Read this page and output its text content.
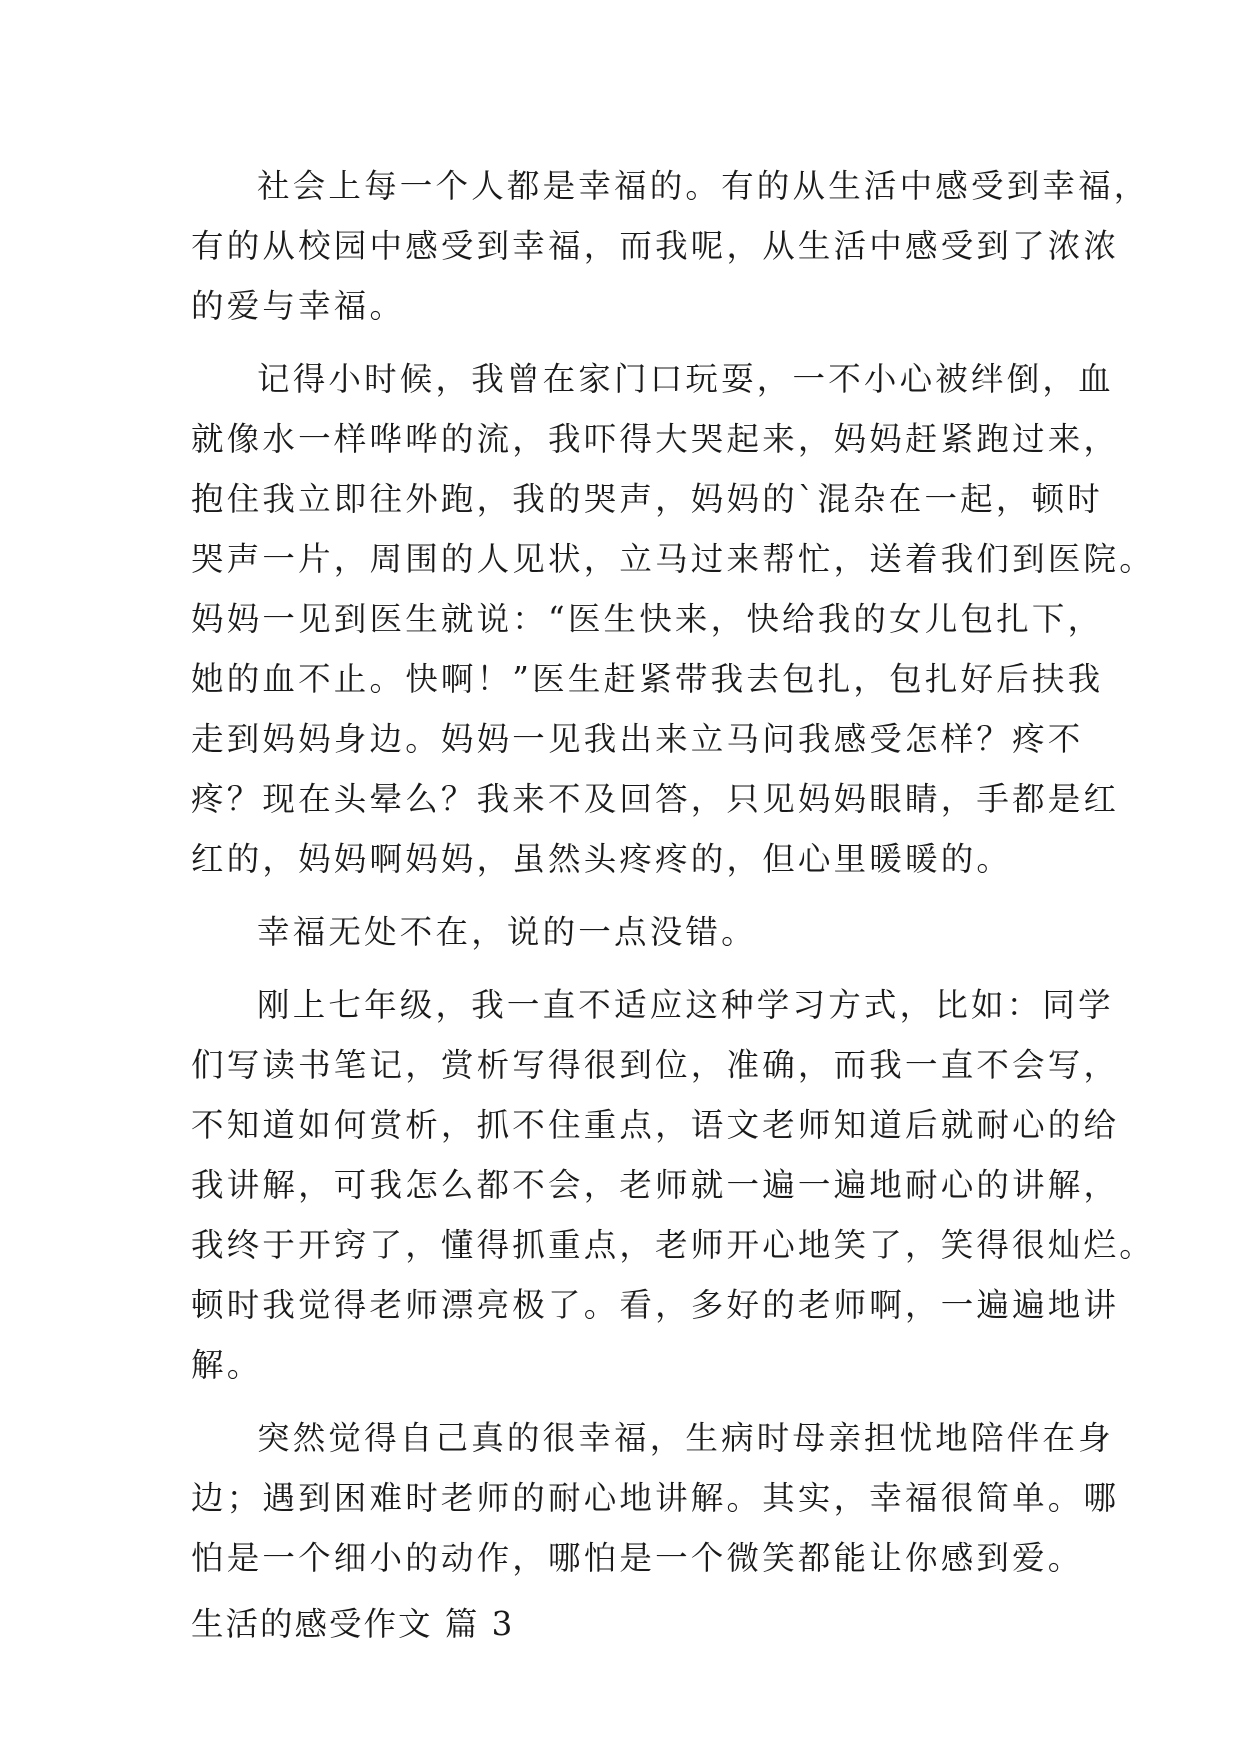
社会上每一个人都是幸福的。有的从生活中感受到幸福，
有的从校园中感受到幸福，而我呢，从生活中感受到了浓浓
的爱与幸福。
记得小时候，我曾在家门口玩耍，一不小心被绊倒，血
就像水一样哗哗的流，我吓得大哭起来，妈妈赶紧跑过来，
抱住我立即往外跑，我的哭声，妈妈的`混杂在一起，顿时
哭声一片，周围的人见状，立马过来帮忙，送着我们到医院。
妈妈一见到医生就说：“医生快来，快给我的女儿包扎下，
她的血不止。快啊！”医生赶紧带我去包扎，包扎好后扶我
走到妈妈身边。妈妈一见我出来立马问我感受怎样？疼不
疼？现在头晕么？我来不及回答，只见妈妈眼睛，手都是红
红的，妈妈啊妈妈，虽然头疼疼的，但心里暖暖的。
幸福无处不在，说的一点没错。
刚上七年级，我一直不适应这种学习方式，比如：同学
们写读书笔记，赏析写得很到位，准确，而我一直不会写，
不知道如何赏析，抓不住重点，语文老师知道后就耐心的给
我讲解，可我怎么都不会，老师就一遍一遍地耐心的讲解，
我终于开窍了，懂得抓重点，老师开心地笑了，笑得很灿烂。
顿时我觉得老师漂亮极了。看，多好的老师啊，一遍遍地讲
解。
突然觉得自己真的很幸福，生病时母亲担忧地陪伴在身
边；遇到困难时老师的耐心地讲解。其实，幸福很简单。哪
怕是一个细小的动作，哪怕是一个微笑都能让你感到爱。
生活的感受作文 篇 3
